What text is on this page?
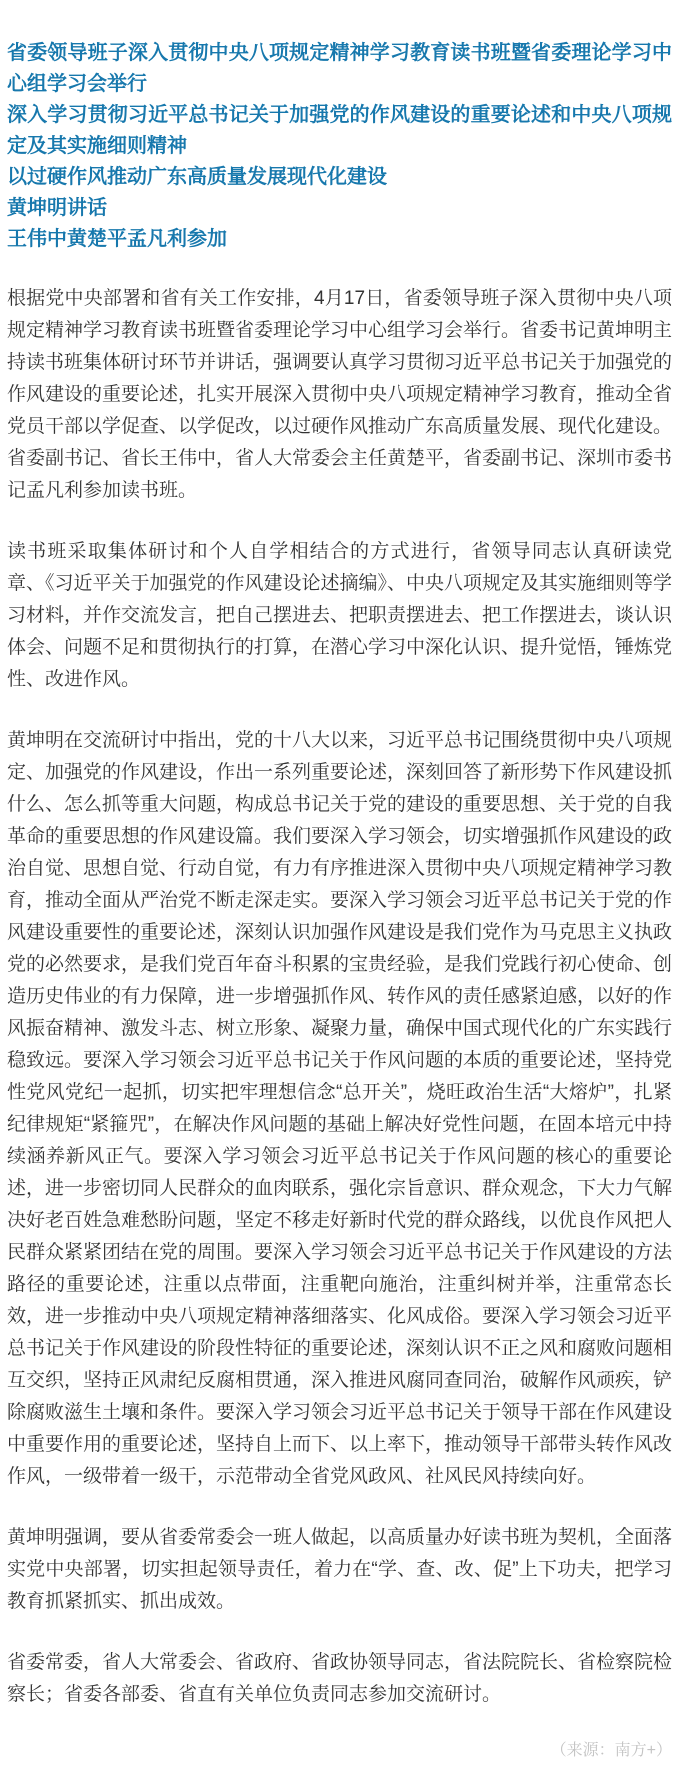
省委领导班子深入贯彻中央八项规定精神学习教育读书班暨省委理论学习中心组学习会举行
深入学习贯彻习近平总书记关于加强党的作风建设的重要论述和中央八项规定及其实施细则精神
以过硬作风推动广东高质量发展现代化建设
黄坤明讲话
王伟中黄楚平孟凡利参加

根据党中央部署和省有关工作安排，4月17日，省委领导班子深入贯彻中央八项规定精神学习教育读书班暨省委理论学习中心组学习会举行。省委书记黄坤明主持读书班集体研讨环节并讲话，强调要认真学习贯彻习近平总书记关于加强党的作风建设的重要论述，扎实开展深入贯彻中央八项规定精神学习教育，推动全省党员干部以学促查、以学促改，以过硬作风推动广东高质量发展、现代化建设。省委副书记、省长王伟中，省人大常委会主任黄楚平，省委副书记、深圳市委书记孟凡利参加读书班。

读书班采取集体研讨和个人自学相结合的方式进行，省领导同志认真研读党章、《习近平关于加强党的作风建设论述摘编》、中央八项规定及其实施细则等学习材料，并作交流发言，把自己摆进去、把职责摆进去、把工作摆进去，谈认识体会、问题不足和贯彻执行的打算，在潜心学习中深化认识、提升觉悟，锤炼党性、改进作风。

黄坤明在交流研讨中指出，党的十八大以来，习近平总书记围绕贯彻中央八项规定、加强党的作风建设，作出一系列重要论述，深刻回答了新形势下作风建设抓什么、怎么抓等重大问题，构成总书记关于党的建设的重要思想、关于党的自我革命的重要思想的作风建设篇。我们要深入学习领会，切实增强抓作风建设的政治自觉、思想自觉、行动自觉，有力有序推进深入贯彻中央八项规定精神学习教育，推动全面从严治党不断走深走实。要深入学习领会习近平总书记关于党的作风建设重要性的重要论述，深刻认识加强作风建设是我们党作为马克思主义执政党的必然要求，是我们党百年奋斗积累的宝贵经验，是我们党践行初心使命、创造历史伟业的有力保障，进一步增强抓作风、转作风的责任感紧迫感，以好的作风振奋精神、激发斗志、树立形象、凝聚力量，确保中国式现代化的广东实践行稳致远。要深入学习领会习近平总书记关于作风问题的本质的重要论述，坚持党性党风党纪一起抓，切实把牢理想信念“总开关”，烧旺政治生活“大熔炉”，扎紧纪律规矩“紧箍咒”，在解决作风问题的基础上解决好党性问题，在固本培元中持续涵养新风正气。要深入学习领会习近平总书记关于作风问题的核心的重要论述，进一步密切同人民群众的血肉联系，强化宗旨意识、群众观念，下大力气解决好老百姓急难愁盼问题，坚定不移走好新时代党的群众路线，以优良作风把人民群众紧紧团结在党的周围。要深入学习领会习近平总书记关于作风建设的方法路径的重要论述，注重以点带面，注重靶向施治，注重纠树并举，注重常态长效，进一步推动中央八项规定精神落细落实、化风成俗。要深入学习领会习近平总书记关于作风建设的阶段性特征的重要论述，深刻认识不正之风和腐败问题相互交织，坚持正风肃纪反腐相贯通，深入推进风腐同查同治，破解作风顽疾，铲除腐败滋生土壤和条件。要深入学习领会习近平总书记关于领导干部在作风建设中重要作用的重要论述，坚持自上而下、以上率下，推动领导干部带头转作风改作风，一级带着一级干，示范带动全省党风政风、社风民风持续向好。

黄坤明强调，要从省委常委会一班人做起，以高质量办好读书班为契机，全面落实党中央部署，切实担起领导责任，着力在“学、查、改、促”上下功夫，把学习教育抓紧抓实、抓出成效。

省委常委，省人大常委会、省政府、省政协领导同志，省法院院长、省检察院检察长；省委各部委、省直有关单位负责同志参加交流研讨。

（来源：南方+）
